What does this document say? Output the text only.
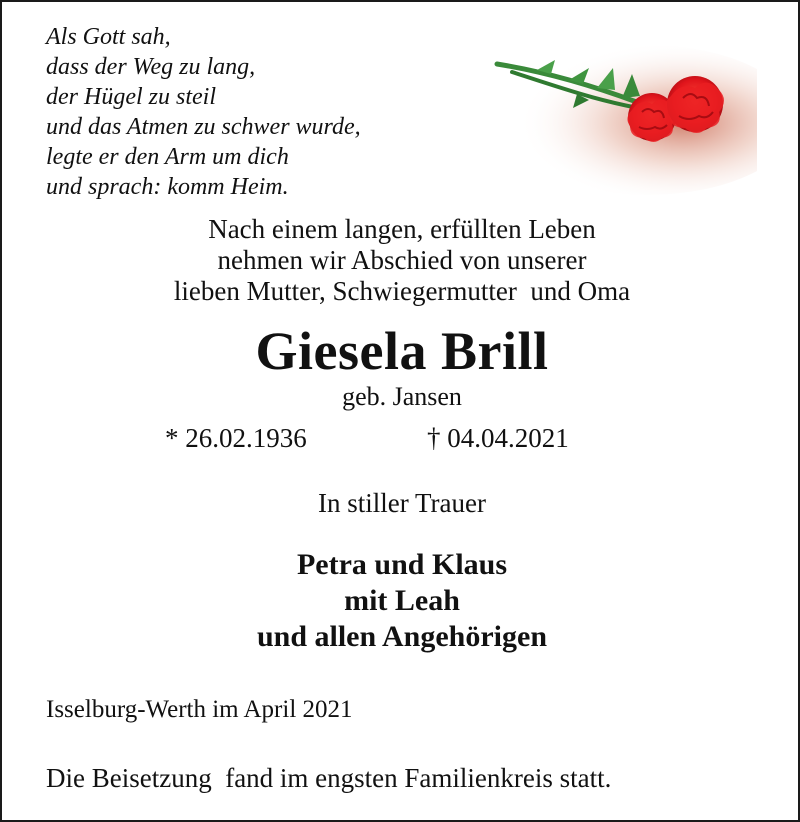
Als Gott sah,
dass der Weg zu lang,
der Hügel zu steil
und das Atmen zu schwer wurde,
legte er den Arm um dich
und sprach: komm Heim.
Nach einem langen, erfüllten Leben
nehmen wir Abschied von unserer
lieben Mutter, Schwiegermutter  und Oma
Giesela Brill
geb. Jansen
* 26.02.1936	† 04.04.2021
In stiller Trauer
Petra und Klaus
mit Leah
und allen Angehörigen
Isselburg-Werth im April 2021
Die Beisetzung  fand im engsten Familienkreis statt.
